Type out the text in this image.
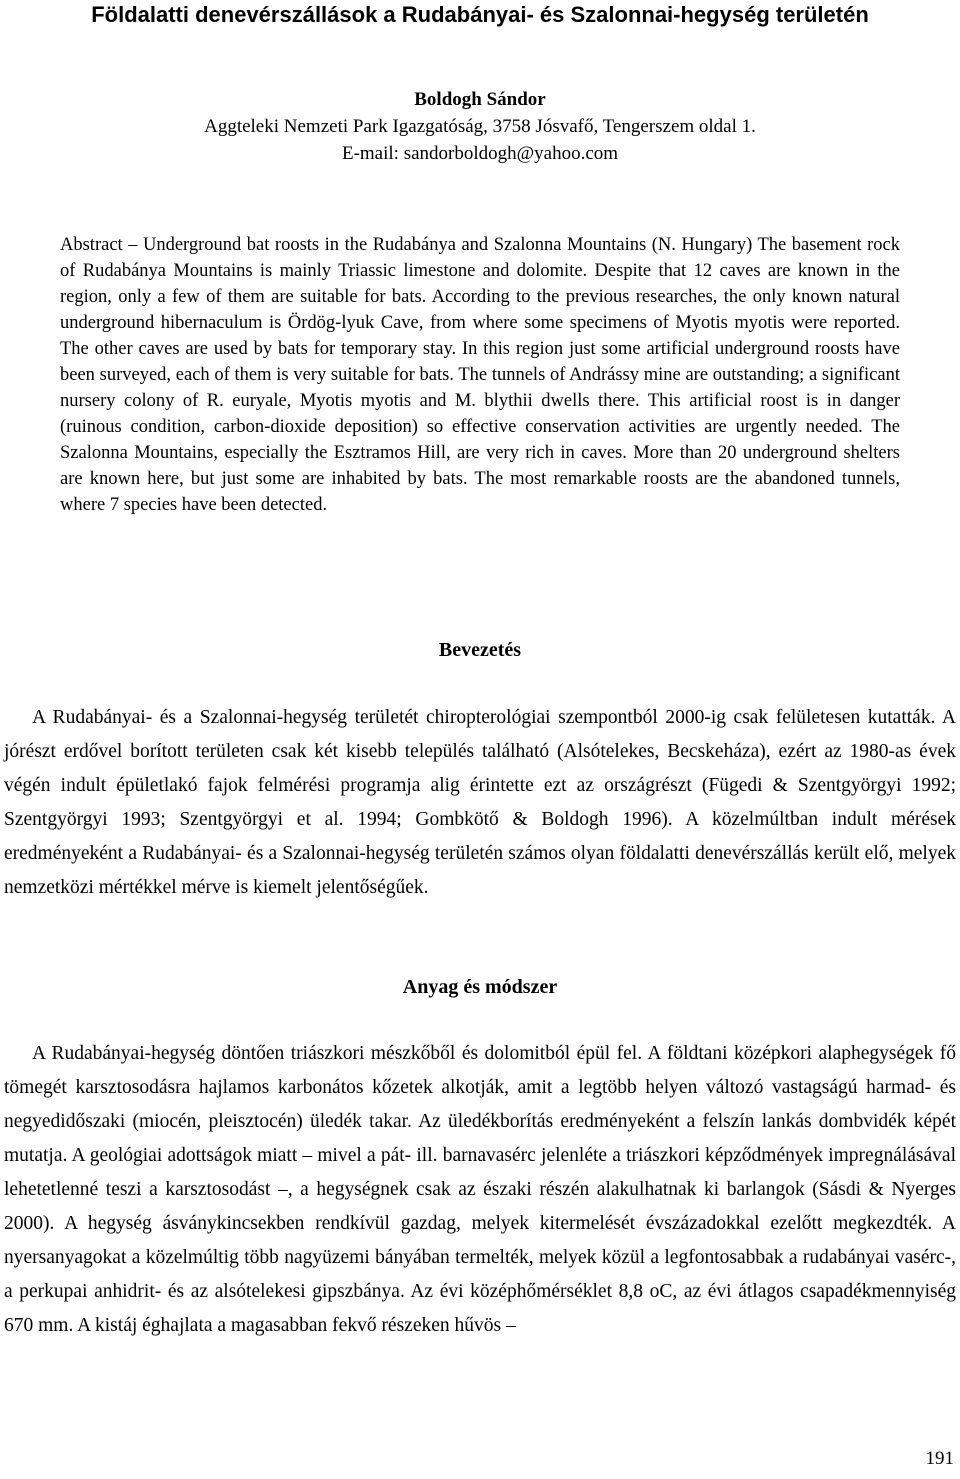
Földalatti denevérszállások a Rudabányai- és Szalonnai-hegység területén
Boldogh Sándor
Aggteleki Nemzeti Park Igazgatóság, 3758 Jósvafő, Tengerszem oldal 1.
E-mail: sandorboldogh@yahoo.com

Abstract – Underground bat roosts in the Rudabánya and Szalonna Mountains (N. Hungary) The basement rock of Rudabánya Mountains is mainly Triassic limestone and dolomite. Despite that 12 caves are known in the region, only a few of them are suitable for bats. According to the previous researches, the only known natural underground hibernaculum is Ördög-lyuk Cave, from where some specimens of Myotis myotis were reported. The other caves are used by bats for temporary stay. In this region just some artificial underground roosts have been surveyed, each of them is very suitable for bats. The tunnels of Andrássy mine are outstanding; a significant nursery colony of R. euryale, Myotis myotis and M. blythii dwells there. This artificial roost is in danger (ruinous condition, carbon-dioxide deposition) so effective conservation activities are urgently needed. The Szalonna Mountains, especially the Esztramos Hill, are very rich in caves. More than 20 underground shelters are known here, but just some are inhabited by bats. The most remarkable roosts are the abandoned tunnels, where 7 species have been detected.

Bevezetés

A Rudabányai- és a Szalonnai-hegység területét chiropterológiai szempontból 2000-ig csak felületesen kutatták. A jórészt erdővel borított területen csak két kisebb település található (Alsótelekes, Becskeháza), ezért az 1980-as évek végén indult épületlakó fajok felmérési programja alig érintette ezt az országrészt (Fügedi & Szentgyörgyi 1992; Szentgyörgyi 1993; Szentgyörgyi et al. 1994; Gombkötő & Boldogh 1996). A közelmúltban indult mérések eredményeként a Rudabányai- és a Szalonnai-hegység területén számos olyan földalatti denevérszállás került elő, melyek nemzetközi mértékkel mérve is kiemelt jelentőségűek.

Anyag és módszer

A Rudabányai-hegység döntően triászkori mészkőből és dolomitból épül fel. A földtani középkori alaphegységek fő tömegét karsztosodásra hajlamos karbonátos kőzetek alkotják, amit a legtöbb helyen változó vastagságú harmad- és negyedidőszaki (miocén, pleisztocén) üledék takar. Az üledékborítás eredményeként a felszín lankás dombvidék képét mutatja. A geológiai adottságok miatt – mivel a pát- ill. barnavasérc jelenléte a triászkori képződmények impregnálásával lehetetlenné teszi a karsztosodást –, a hegységnek csak az északi részén alakulhatnak ki barlangok (Sásdi & Nyerges 2000). A hegység ásványkincsekben rendkívül gazdag, melyek kitermelését évszázadokkal ezelőtt megkezdték. A nyersanyagokat a közelmúltig több nagyüzemi bányában termelték, melyek közül a legfontosabbak a rudabányai vasérc-, a perkupai anhidrit- és az alsótelekesi gipszbánya. Az évi középhőmérséklet 8,8 oC, az évi átlagos csapadékmennyiség 670 mm. A kistáj éghajlata a magasabban fekvő részeken hűvös –

191
